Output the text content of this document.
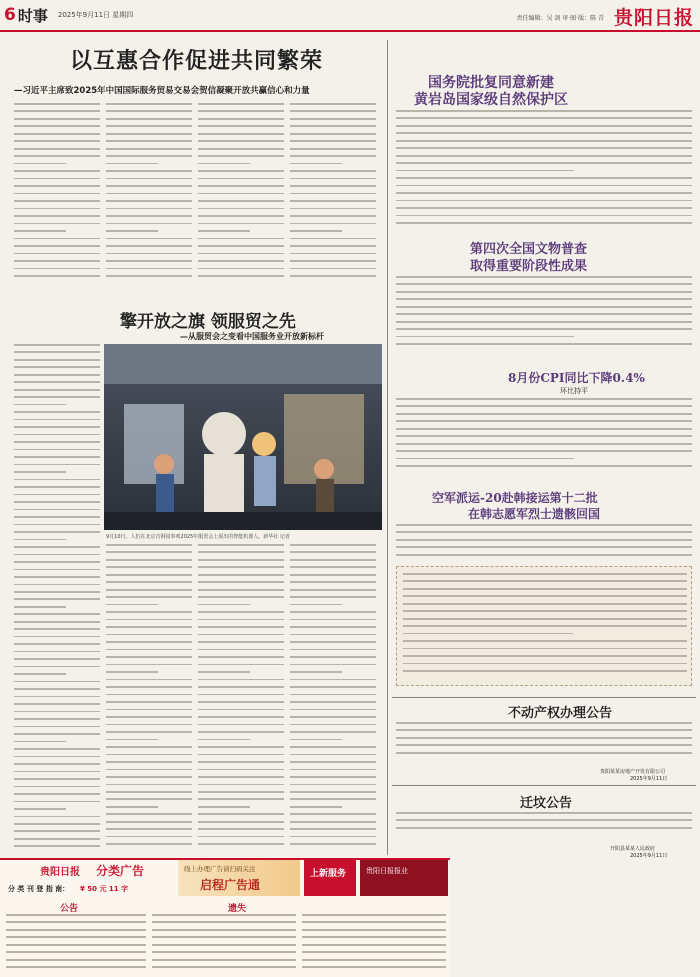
6 时事 2025年9月11日 星期四	责任编辑：吴 剑 审·图·版：陈 青 贵阳日报
以互惠合作促进共同繁荣
—习近平主席致2025年中国国际服务贸易交易会贺信凝聚开放共赢信心和力量
擎开放之旗 领服贸之先
—从服贸会之变看中国服务业开放新标杆
9月10日，人们在北京首钢园参观2025年服贸会上展出的智能机器人。新华社 记者
国务院批复同意新建
黄岩岛国家级自然保护区
第四次全国文物普查
取得重要阶段性成果
8月份CPI同比下降0.4%
环比持平
空军派运-20赴韩接运第十二批
在韩志愿军烈士遗骸回国
不动产权办理公告
贵阳某某房地产开发有限公司
2025年9月11日
迁坟公告
开阳县某某人民政府
2025年9月11日
贵阳日报 分类广告
分 类 刊 登 指 南： ¥ 50 元 11 字
线上办理广告请扫码关注
启程广告通
上新服务	贵阳日报报业
公告	遗失
